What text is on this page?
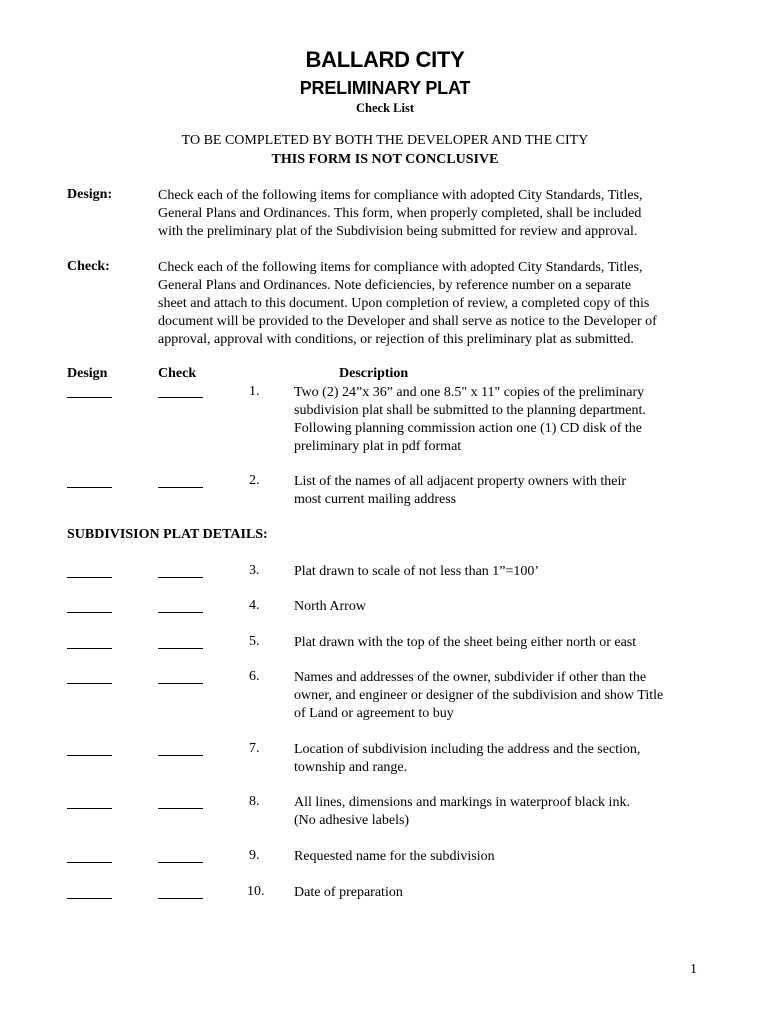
BALLARD CITY
PRELIMINARY PLAT
Check List
TO BE COMPLETED BY BOTH THE DEVELOPER AND THE CITY
THIS FORM IS NOT CONCLUSIVE
Design:	Check each of the following items for compliance with adopted City Standards, Titles,
General Plans and Ordinances. This form, when properly completed, shall be included
with the preliminary plat of the Subdivision being submitted for review and approval.
Check:	Check each of the following items for compliance with adopted City Standards, Titles,
General Plans and Ordinances. Note deficiencies, by reference number on a separate
sheet and attach to this document. Upon completion of review, a completed copy of this
document will be provided to the Developer and shall serve as notice to the Developer of
approval, approval with conditions, or rejection of this preliminary plat as submitted.
Design	Check	Description
1. Two (2) 24”x 36” and one 8.5" x 11" copies of the preliminary
subdivision plat shall be submitted to the planning department.
Following planning commission action one (1) CD disk of the
preliminary plat in pdf format
2. List of the names of all adjacent property owners with their
most current mailing address
SUBDIVISION PLAT DETAILS:
3. Plat drawn to scale of not less than 1”=100’
4. North Arrow
5. Plat drawn with the top of the sheet being either north or east
6. Names and addresses of the owner, subdivider if other than the
owner, and engineer or designer of the subdivision and show Title
of Land or agreement to buy
7. Location of subdivision including the address and the section,
township and range.
8. All lines, dimensions and markings in waterproof black ink.
(No adhesive labels)
9. Requested name for the subdivision
10. Date of preparation
1
